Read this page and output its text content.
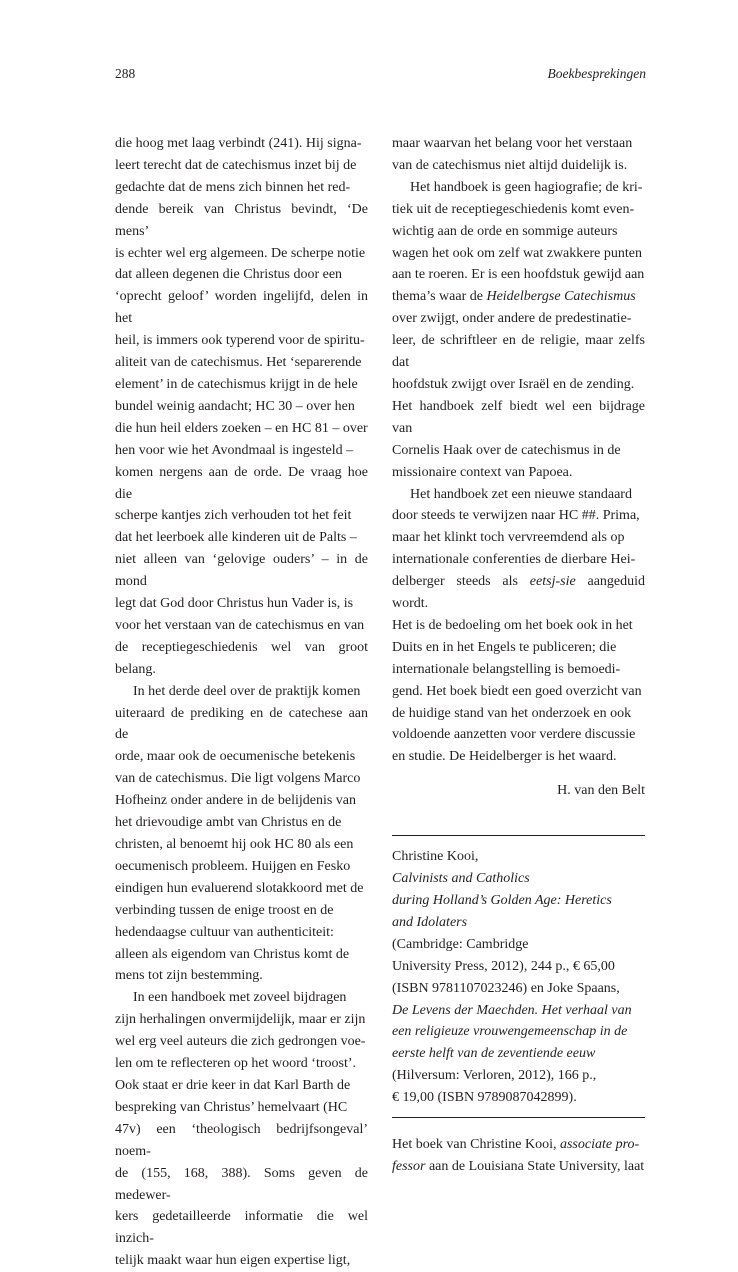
288	Boekbesprekingen

die hoog met laag verbindt (241). Hij signa-
leert terecht dat de catechismus inzet bij de
gedachte dat de mens zich binnen het red-
dende bereik van Christus bevindt, ‘De mens’
is echter wel erg algemeen. De scherpe notie
dat alleen degenen die Christus door een
‘oprecht geloof’ worden ingelijfd, delen in het
heil, is immers ook typerend voor de spiritu-
aliteit van de catechismus. Het ‘separerende
element’ in de catechismus krijgt in de hele
bundel weinig aandacht; HC 30 – over hen
die hun heil elders zoeken – en HC 81 – over
hen voor wie het Avondmaal is ingesteld –
komen nergens aan de orde. De vraag hoe die
scherpe kantjes zich verhouden tot het feit
dat het leerboek alle kinderen uit de Palts –
niet alleen van ‘gelovige ouders’ – in de mond
legt dat God door Christus hun Vader is, is
voor het verstaan van de catechismus en van
de receptiegeschiedenis wel van groot belang.

In het derde deel over de praktijk komen
uiteraard de prediking en de catechese aan de
orde, maar ook de oecumenische betekenis
van de catechismus. Die ligt volgens Marco
Hofheinz onder andere in de belijdenis van
het drievoudige ambt van Christus en de
christen, al benoemt hij ook HC 80 als een
oecumenisch probleem. Huijgen en Fesko
eindigen hun evaluerend slotakkoord met de
verbinding tussen de enige troost en de
hedendaagse cultuur van authenticiteit:
alleen als eigendom van Christus komt de
mens tot zijn bestemming.

In een handboek met zoveel bijdragen
zijn herhalingen onvermijdelijk, maar er zijn
wel erg veel auteurs die zich gedrongen voe-
len om te reflecteren op het woord ‘troost’.
Ook staat er drie keer in dat Karl Barth de
bespreking van Christus’ hemelvaart (HC
47v) een ‘theologisch bedrijfsongeval’ noem-
de (155, 168, 388). Soms geven de medewer-
kers gedetailleerde informatie die wel inzich-
telijk maakt waar hun eigen expertise ligt,

maar waarvan het belang voor het verstaan
van de catechismus niet altijd duidelijk is.

Het handboek is geen hagiografie; de kri-
tiek uit de receptiegeschiedenis komt even-
wichtig aan de orde en sommige auteurs
wagen het ook om zelf wat zwakkere punten
aan te roeren. Er is een hoofdstuk gewijd aan
thema’s waar de Heidelbergse Catechismus
over zwijgt, onder andere de predestinatie-
leer, de schriftleer en de religie, maar zelfs dat
hoofdstuk zwijgt over Israël en de zending.
Het handboek zelf biedt wel een bijdrage van
Cornelis Haak over de catechismus in de
missionaire context van Papoea.

Het handboek zet een nieuwe standaard
door steeds te verwijzen naar HC ##. Prima,
maar het klinkt toch vervreemdend als op
internationale conferenties de dierbare Hei-
delberger steeds als eetsj-sie aangeduid wordt.
Het is de bedoeling om het boek ook in het
Duits en in het Engels te publiceren; die
internationale belangstelling is bemoedi-
gend. Het boek biedt een goed overzicht van
de huidige stand van het onderzoek en ook
voldoende aanzetten voor verdere discussie
en studie. De Heidelberger is het waard.

H. van den Belt

Christine Kooi,
Calvinists and Catholics
during Holland’s Golden Age: Heretics
and Idolaters
(Cambridge: Cambridge
University Press, 2012), 244 p., € 65,00
(ISBN 9781107023246) en Joke Spaans,
De Levens der Maechden. Het verhaal van
een religieuze vrouwengemeenschap in de
eerste helft van de zeventiende eeuw
(Hilversum: Verloren, 2012), 166 p.,
€ 19,00 (ISBN 9789087042899).

Het boek van Christine Kooi, associate pro-
fessor aan de Louisiana State University, laat
